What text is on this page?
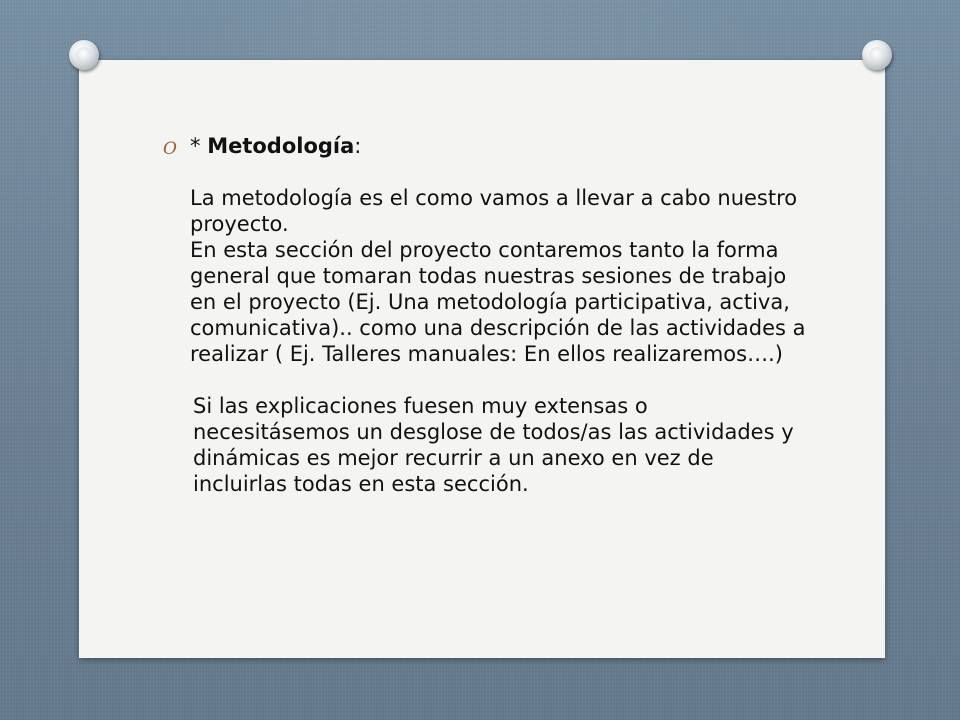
O * Metodología:

La metodología es el como vamos a llevar a cabo nuestro proyecto.

En esta sección del proyecto contaremos tanto la forma general que tomaran todas nuestras sesiones de trabajo en el proyecto (Ej. Una metodología participativa, activa, comunicativa).. como una descripción de las actividades a realizar ( Ej. Talleres manuales: En ellos realizaremos….)

Si las explicaciones fuesen muy extensas o necesitásemos un desglose de todos/as las actividades y dinámicas es mejor recurrir a un anexo en vez de incluirlas todas en esta sección.
